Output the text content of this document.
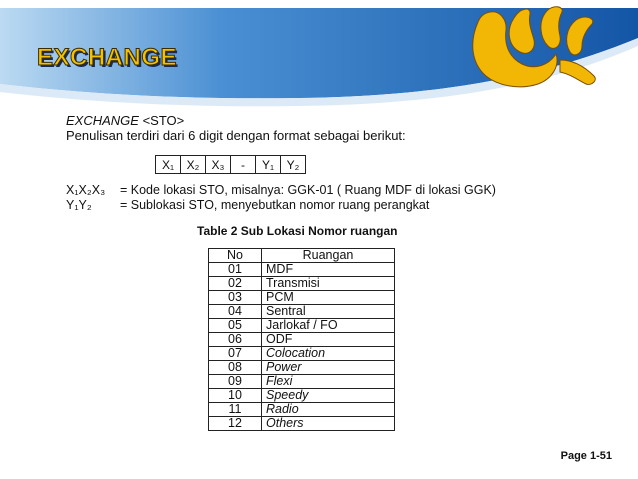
EXCHANGE
EXCHANGE <STO>
Penulisan terdiri dari 6 digit dengan format sebagai berikut:
X₁	X₂	X₃	-	Y₁	Y₂
X₁X₂X₃	= Kode lokasi STO, misalnya: GGK-01 ( Ruang MDF di lokasi GGK)
Y₁Y₂	= Sublokasi STO, menyebutkan nomor ruang perangkat
Table 2 Sub Lokasi Nomor ruangan
No	Ruangan
01	MDF
02	Transmisi
03	PCM
04	Sentral
05	Jarlokaf / FO
06	ODF
07	Colocation
08	Power
09	Flexi
10	Speedy
11	Radio
12	Others
Page 1-51
